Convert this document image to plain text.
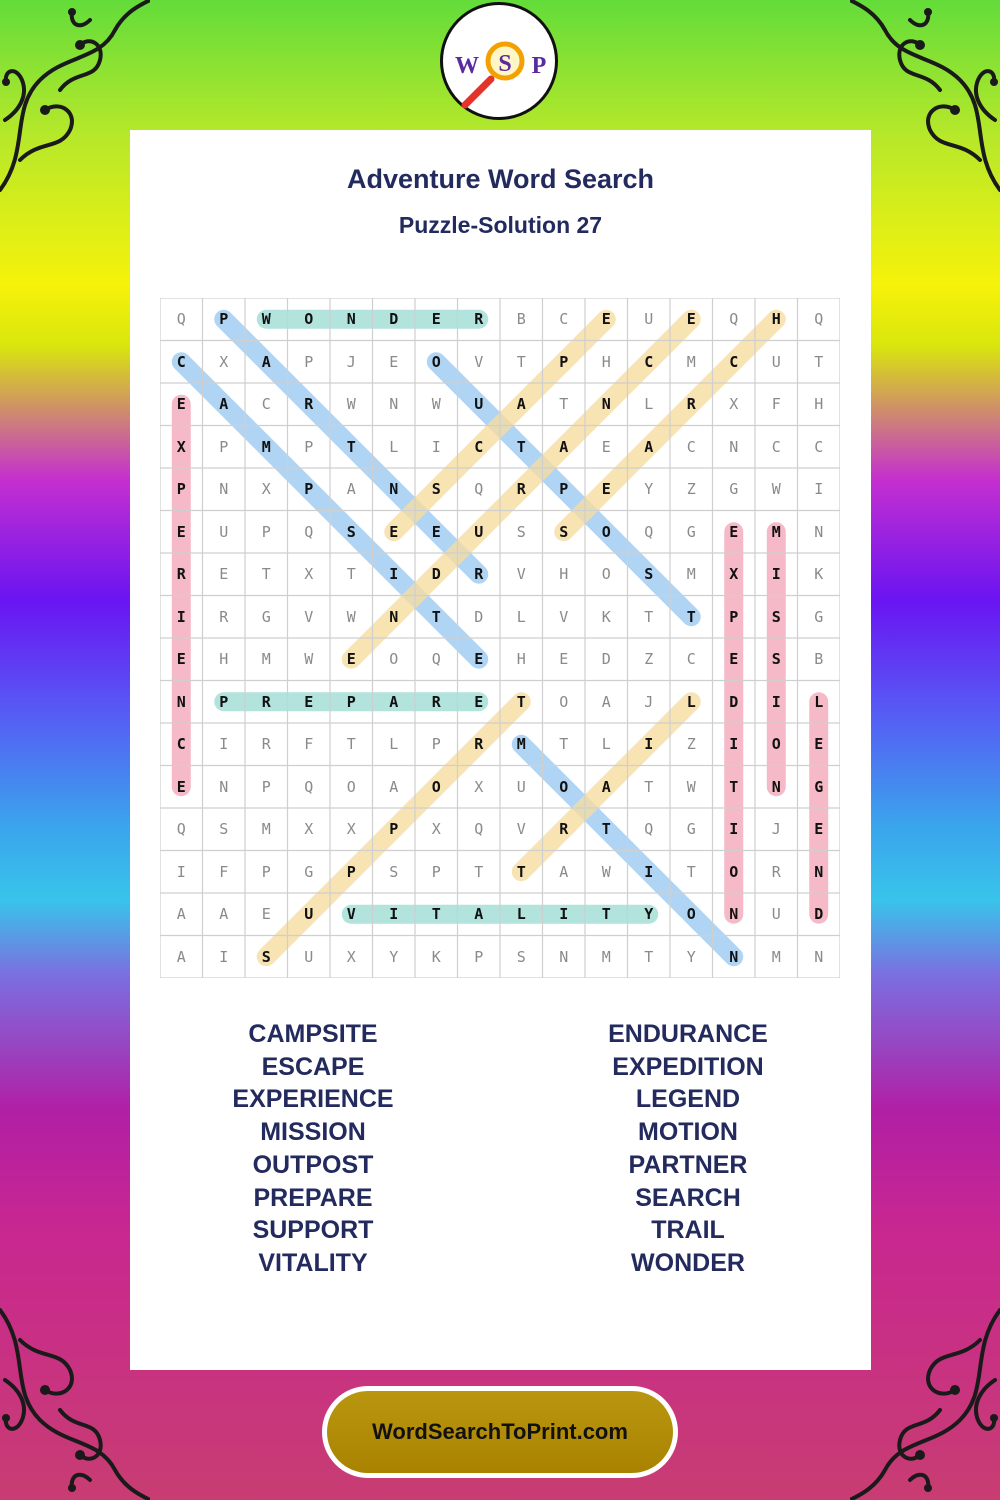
W S P
Adventure Word Search
Puzzle-Solution 27
Q	P	W	O	N	D	E	R	B	C	E	U	E	Q	H	Q
C	X	A	P	J	E	O	V	T	P	H	C	M	C	U	T
E	A	C	R	W	N	W	U	A	T	N	L	R	X	F	H
X	P	M	P	T	L	I	C	T	A	E	A	C	N	C	C
P	N	X	P	A	N	S	Q	R	P	E	Y	Z	G	W	I
E	U	P	Q	S	E	E	U	S	S	O	Q	G	E	M	N
R	E	T	X	T	I	D	R	V	H	O	S	M	X	I	K
I	R	G	V	W	N	T	D	L	V	K	T	T	P	S	G
E	H	M	W	E	O	Q	E	H	E	D	Z	C	E	S	B
N	P	R	E	P	A	R	E	T	O	A	J	L	D	I	L
C	I	R	F	T	L	P	R	M	T	L	I	Z	I	O	E
E	N	P	Q	O	A	O	X	U	O	A	T	W	T	N	G
Q	S	M	X	X	P	X	Q	V	R	T	Q	G	I	J	E
I	F	P	G	P	S	P	T	T	A	W	I	T	O	R	N
A	A	E	U	V	I	T	A	L	I	T	Y	O	N	U	D
A	I	S	U	X	Y	K	P	S	N	M	T	Y	N	M	N
CAMPSITE
ESCAPE
EXPERIENCE
MISSION
OUTPOST
PREPARE
SUPPORT
VITALITY
ENDURANCE
EXPEDITION
LEGEND
MOTION
PARTNER
SEARCH
TRAIL
WONDER
WordSearchToPrint.com
